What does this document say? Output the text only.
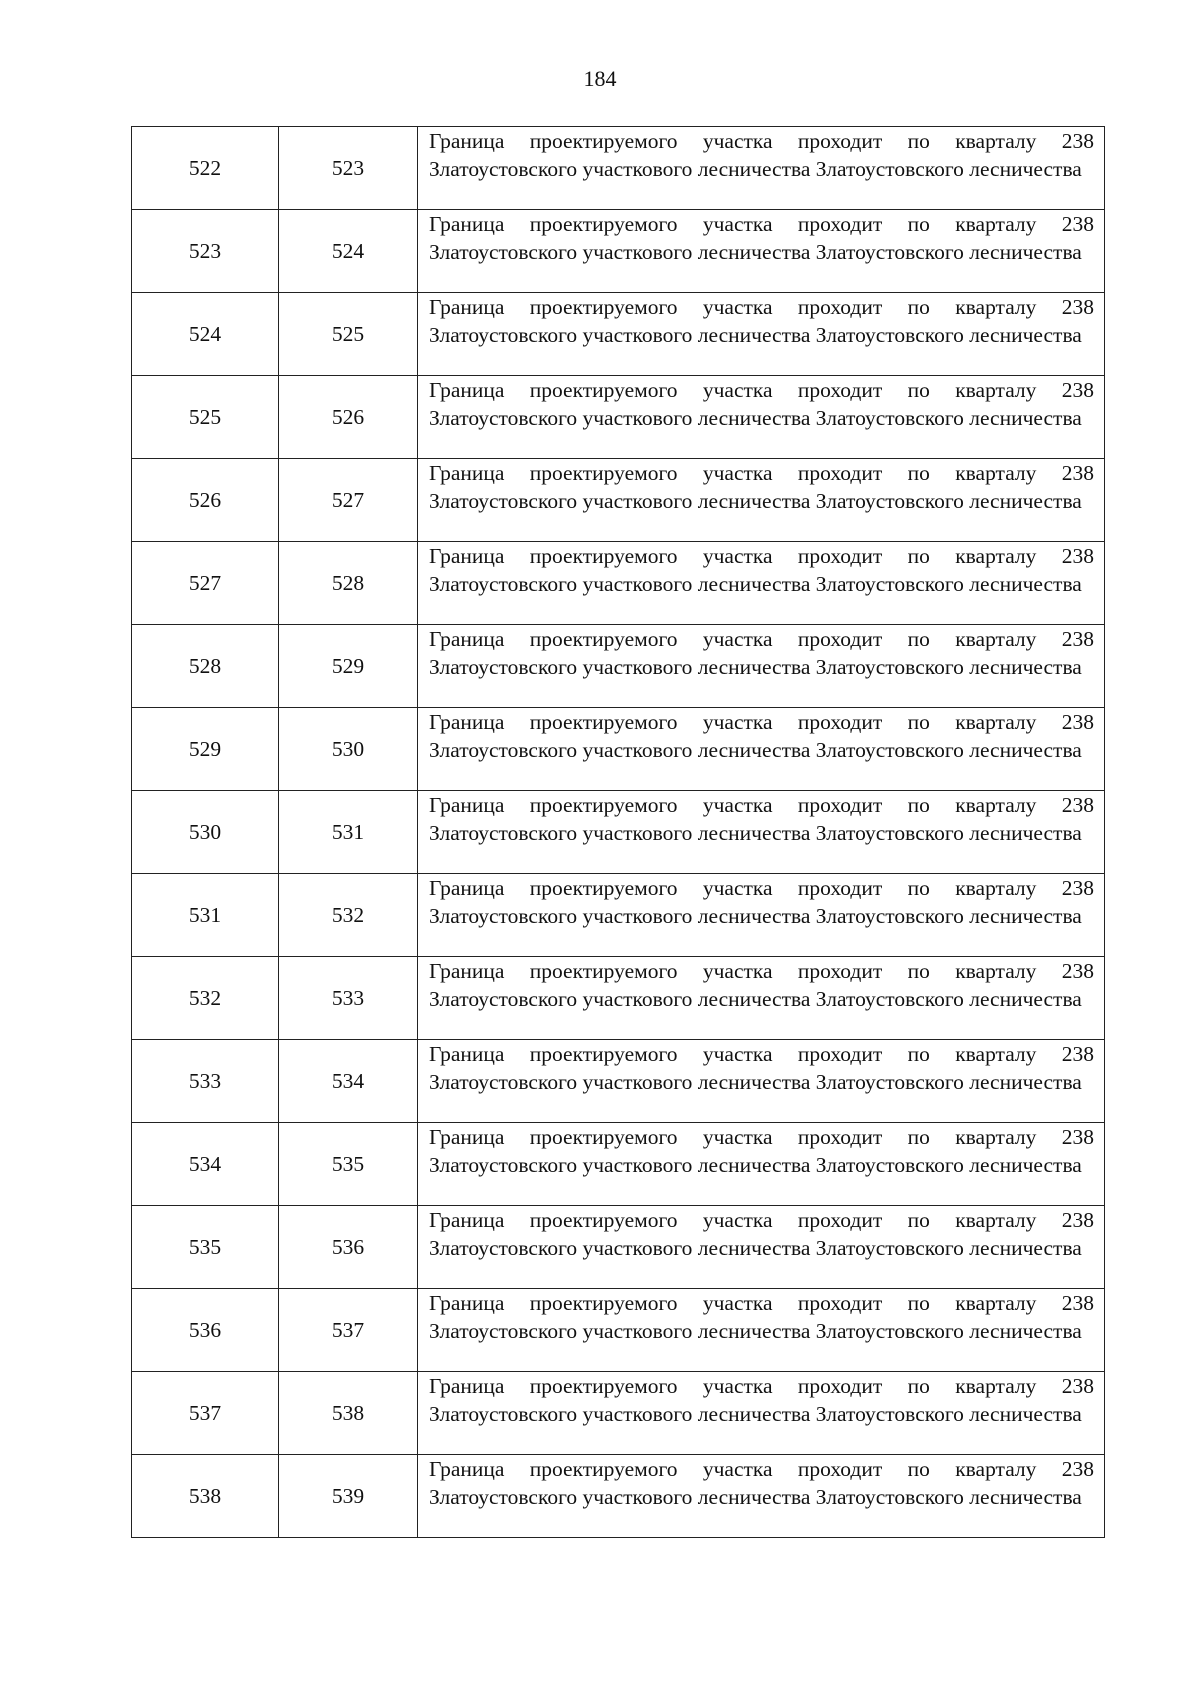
184
522	523	Граница проектируемого участка проходит по кварталу 238 Златоустовского участкового лесничества Златоустовского лесничества
523	524	Граница проектируемого участка проходит по кварталу 238 Златоустовского участкового лесничества Златоустовского лесничества
524	525	Граница проектируемого участка проходит по кварталу 238 Златоустовского участкового лесничества Златоустовского лесничества
525	526	Граница проектируемого участка проходит по кварталу 238 Златоустовского участкового лесничества Златоустовского лесничества
526	527	Граница проектируемого участка проходит по кварталу 238 Златоустовского участкового лесничества Златоустовского лесничества
527	528	Граница проектируемого участка проходит по кварталу 238 Златоустовского участкового лесничества Златоустовского лесничества
528	529	Граница проектируемого участка проходит по кварталу 238 Златоустовского участкового лесничества Златоустовского лесничества
529	530	Граница проектируемого участка проходит по кварталу 238 Златоустовского участкового лесничества Златоустовского лесничества
530	531	Граница проектируемого участка проходит по кварталу 238 Златоустовского участкового лесничества Златоустовского лесничества
531	532	Граница проектируемого участка проходит по кварталу 238 Златоустовского участкового лесничества Златоустовского лесничества
532	533	Граница проектируемого участка проходит по кварталу 238 Златоустовского участкового лесничества Златоустовского лесничества
533	534	Граница проектируемого участка проходит по кварталу 238 Златоустовского участкового лесничества Златоустовского лесничества
534	535	Граница проектируемого участка проходит по кварталу 238 Златоустовского участкового лесничества Златоустовского лесничества
535	536	Граница проектируемого участка проходит по кварталу 238 Златоустовского участкового лесничества Златоустовского лесничества
536	537	Граница проектируемого участка проходит по кварталу 238 Златоустовского участкового лесничества Златоустовского лесничества
537	538	Граница проектируемого участка проходит по кварталу 238 Златоустовского участкового лесничества Златоустовского лесничества
538	539	Граница проектируемого участка проходит по кварталу 238 Златоустовского участкового лесничества Златоустовского лесничества
